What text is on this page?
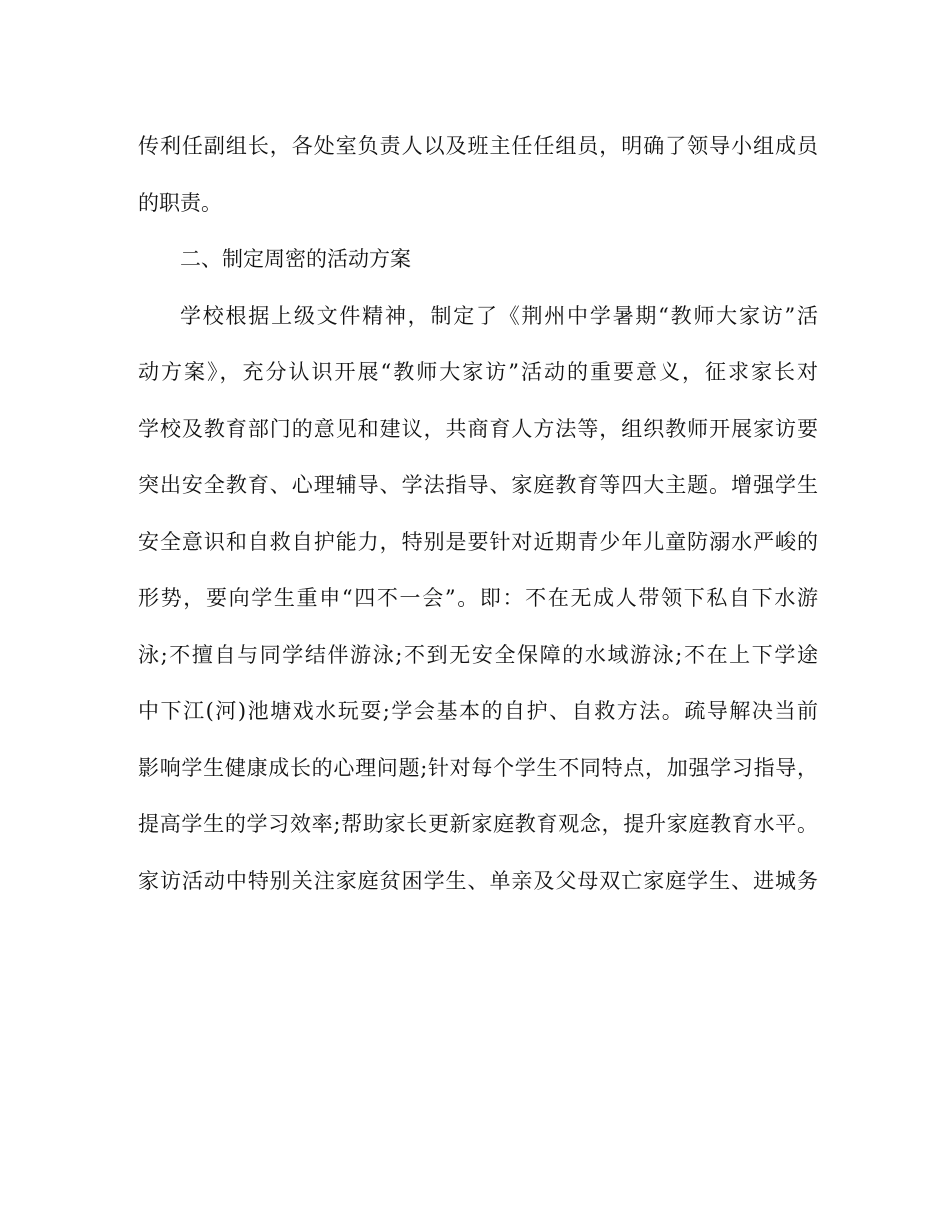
传利任副组长，各处室负责人以及班主任任组员，明确了领导小组成员
的职责。
二、制定周密的活动方案
学校根据上级文件精神，制定了《荆州中学暑期“教师大家访”活
动方案》，充分认识开展“教师大家访”活动的重要意义，征求家长对
学校及教育部门的意见和建议，共商育人方法等，组织教师开展家访要
突出安全教育、心理辅导、学法指导、家庭教育等四大主题。增强学生
安全意识和自救自护能力，特别是要针对近期青少年儿童防溺水严峻的
形势，要向学生重申“四不一会”。即：不在无成人带领下私自下水游
泳;不擅自与同学结伴游泳;不到无安全保障的水域游泳;不在上下学途
中下江(河)池塘戏水玩耍;学会基本的自护、自救方法。疏导解决当前
影响学生健康成长的心理问题;针对每个学生不同特点，加强学习指导，
提高学生的学习效率;帮助家长更新家庭教育观念，提升家庭教育水平。
家访活动中特别关注家庭贫困学生、单亲及父母双亡家庭学生、进城务
